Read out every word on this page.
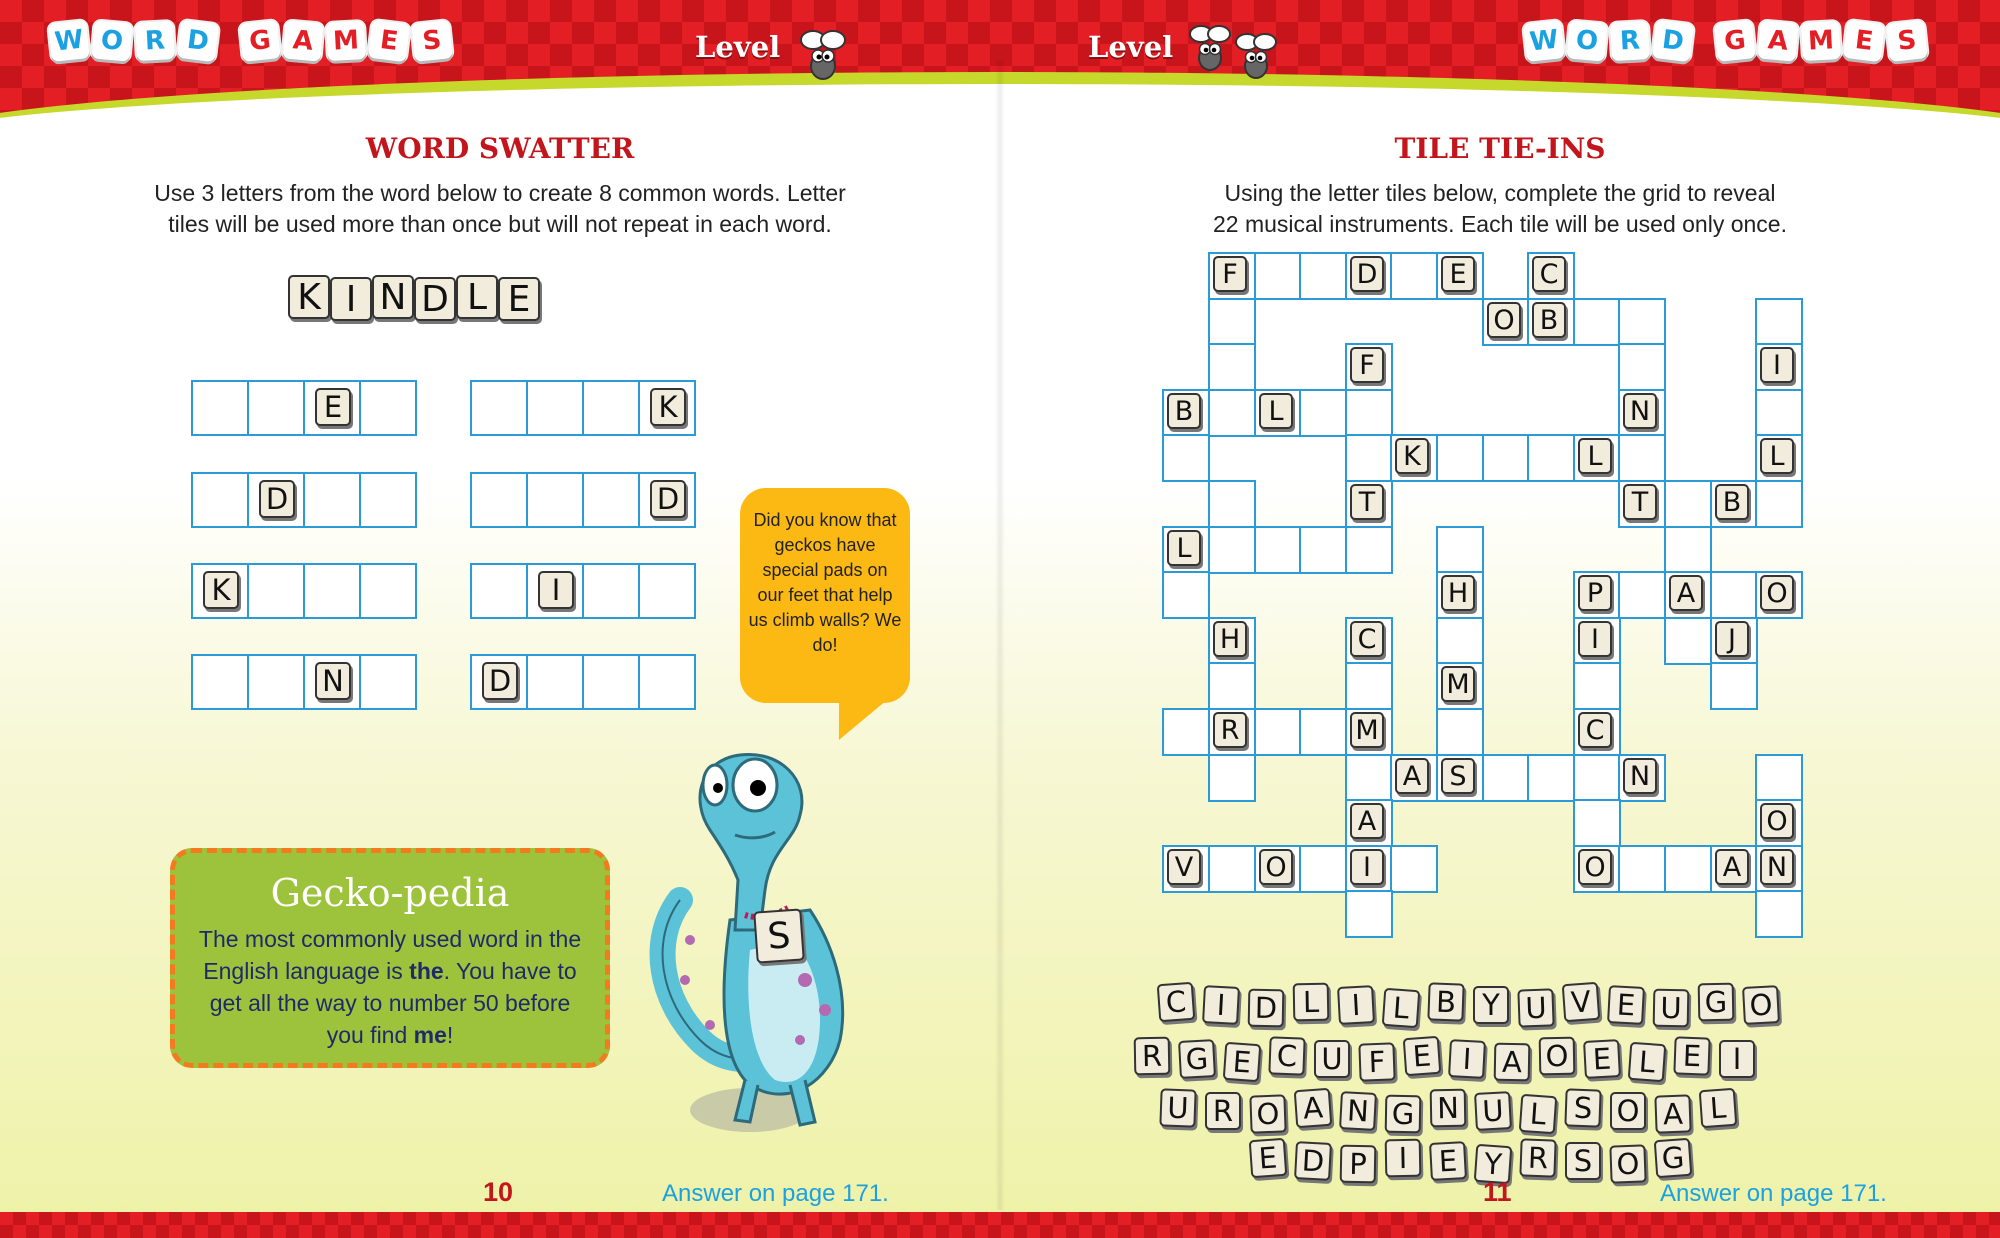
W O R D	G A M E S	W O R D	G A M E S
Level	Level
WORD SWATTER
Use 3 letters from the word below to create 8 common words. Letter
tiles will be used more than once but will not repeat in each word.
K I N D L E
E	K
D	D
K	I
N	D
Did you know that geckos have special pads on our feet that help us climb walls? We do!
S
Gecko-pedia
The most commonly used word in the English language is the. You have to get all the way to number 50 before you find me!
10	Answer on page 171.
TILE TIE-INS
Using the letter tiles below, complete the grid to reveal
22 musical instruments. Each tile will be used only once.
F	D	E	C
O B
F	I
B	L	N
K	L	L
T	T	B
L
H	P	A	O
H	C	I	J
M
R	M	C
A	S	N
A	O
V	O	I	O	A N
C I D L	I	L B Y U V E U G O
R G E C U F E	I	A O E L E	I
U R O A N G N U L S O A L
E D P	I	E Y R S O G
11	Answer on page 171.
